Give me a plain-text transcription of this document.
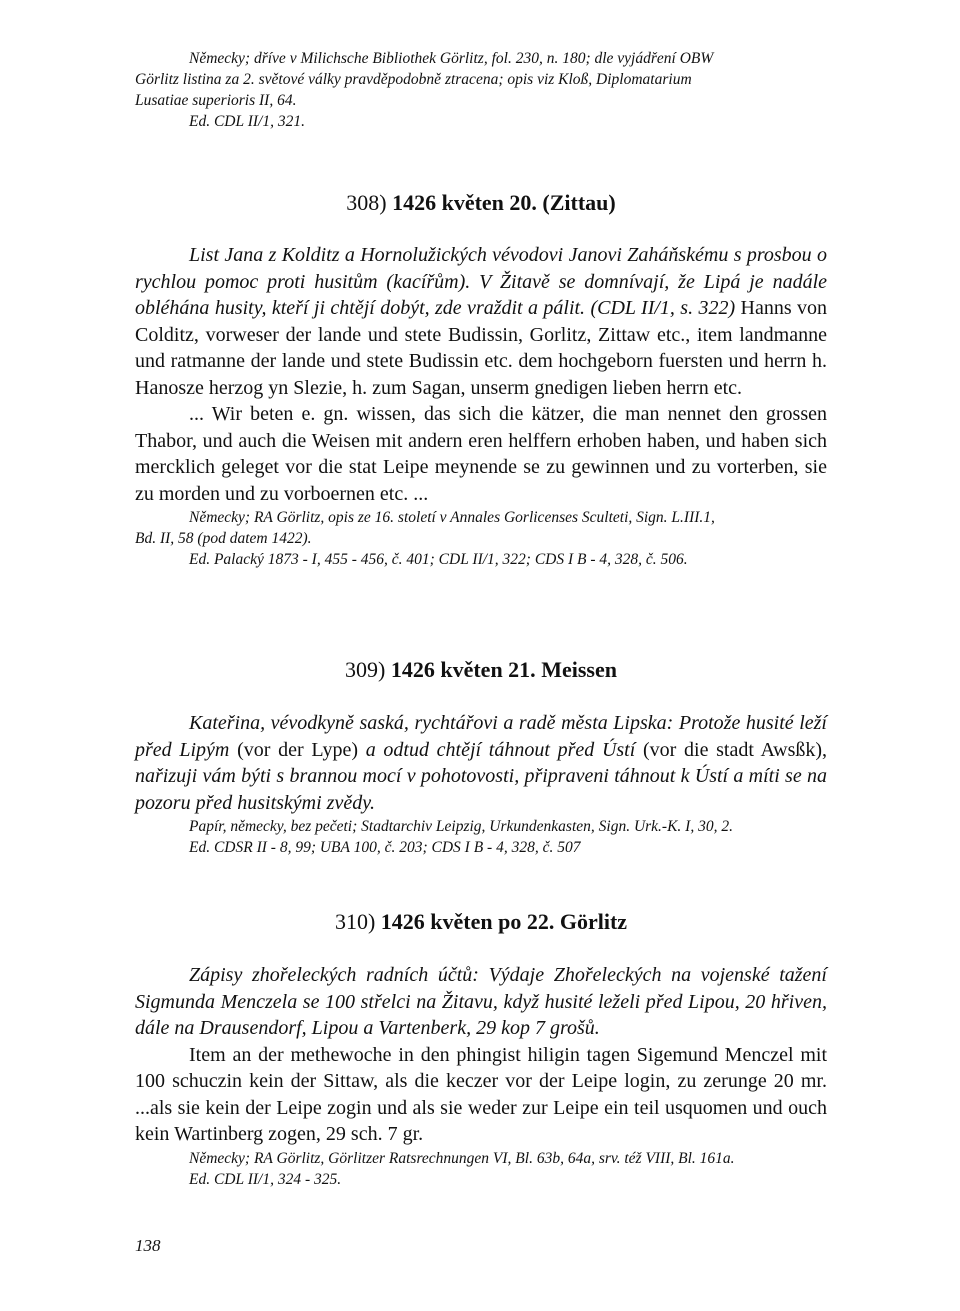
Německy; dříve v Milichsche Bibliothek Görlitz, fol. 230, n. 180; dle vyjádření OBW

Görlitz listina za 2. světové války pravděpodobně ztracena; opis viz Kloß, Diplomatarium

Lusatiae superioris II, 64.

Ed. CDL II/1, 321.

308) 1426 květen 20. (Zittau)

List Jana z Kolditz a Hornolužických vévodovi Janovi Zaháňskému s prosbou o rychlou pomoc proti husitům (kacířům). V Žitavě se domnívají, že Lipá je nadále obléhána husity, kteří ji chtějí dobýt, zde vraždit a pálit. (CDL II/1, s. 322) Hanns von Colditz, vorweser der lande und stete Budissin, Gorlitz, Zittaw etc., item landmanne und ratmanne der lande und stete Budissin etc. dem hochgeborn fuersten und herrn h. Hanosze herzog yn Slezie, h. zum Sagan, unserm gnedigen lieben herrn etc.

... Wir beten e. gn. wissen, das sich die kätzer, die man nennet den grossen Thabor, und auch die Weisen mit andern eren helffern erhoben haben, und haben sich mercklich geleget vor die stat Leipe meynende se zu gewinnen und zu vorterben, sie zu morden und zu vorboernen etc. ...

Německy; RA Görlitz, opis ze 16. století v Annales Gorlicenses Sculteti, Sign. L.III.1,

Bd. II, 58 (pod datem 1422).

Ed. Palacký 1873 - I, 455 - 456, č. 401; CDL II/1, 322; CDS I B - 4, 328, č. 506.

309) 1426 květen 21. Meissen

Kateřina, vévodkyně saská, rychtářovi a radě města Lipska: Protože husité leží před Lipým (vor der Lype) a odtud chtějí táhnout před Ústí (vor die stadt Awsßk), nařizuji vám býti s brannou mocí v pohotovosti, připraveni táhnout k Ústí a míti se na pozoru před husitskými zvědy.

Papír, německy, bez pečeti; Stadtarchiv Leipzig, Urkundenkasten, Sign. Urk.-K. I, 30, 2.

Ed. CDSR II - 8, 99; UBA 100, č. 203; CDS I B - 4, 328, č. 507

310) 1426 květen po 22. Görlitz

Zápisy zhořeleckých radních účtů: Výdaje Zhořeleckých na vojenské tažení Sigmunda Menczela se 100 střelci na Žitavu, když husité leželi před Lipou, 20 hřiven, dále na Drausendorf, Lipou a Vartenberk, 29 kop 7 grošů.

Item an der methewoche in den phingist hiligin tagen Sigemund Menczel mit 100 schuczin kein der Sittaw, als die keczer vor der Leipe login, zu zerunge 20 mr. ...als sie kein der Leipe zogin und als sie weder zur Leipe ein teil usquomen und ouch kein Wartinberg zogen, 29 sch. 7 gr.

Německy; RA Görlitz, Görlitzer Ratsrechnungen VI, Bl. 63b, 64a, srv. též VIII, Bl. 161a.

Ed. CDL II/1, 324 - 325.

138
